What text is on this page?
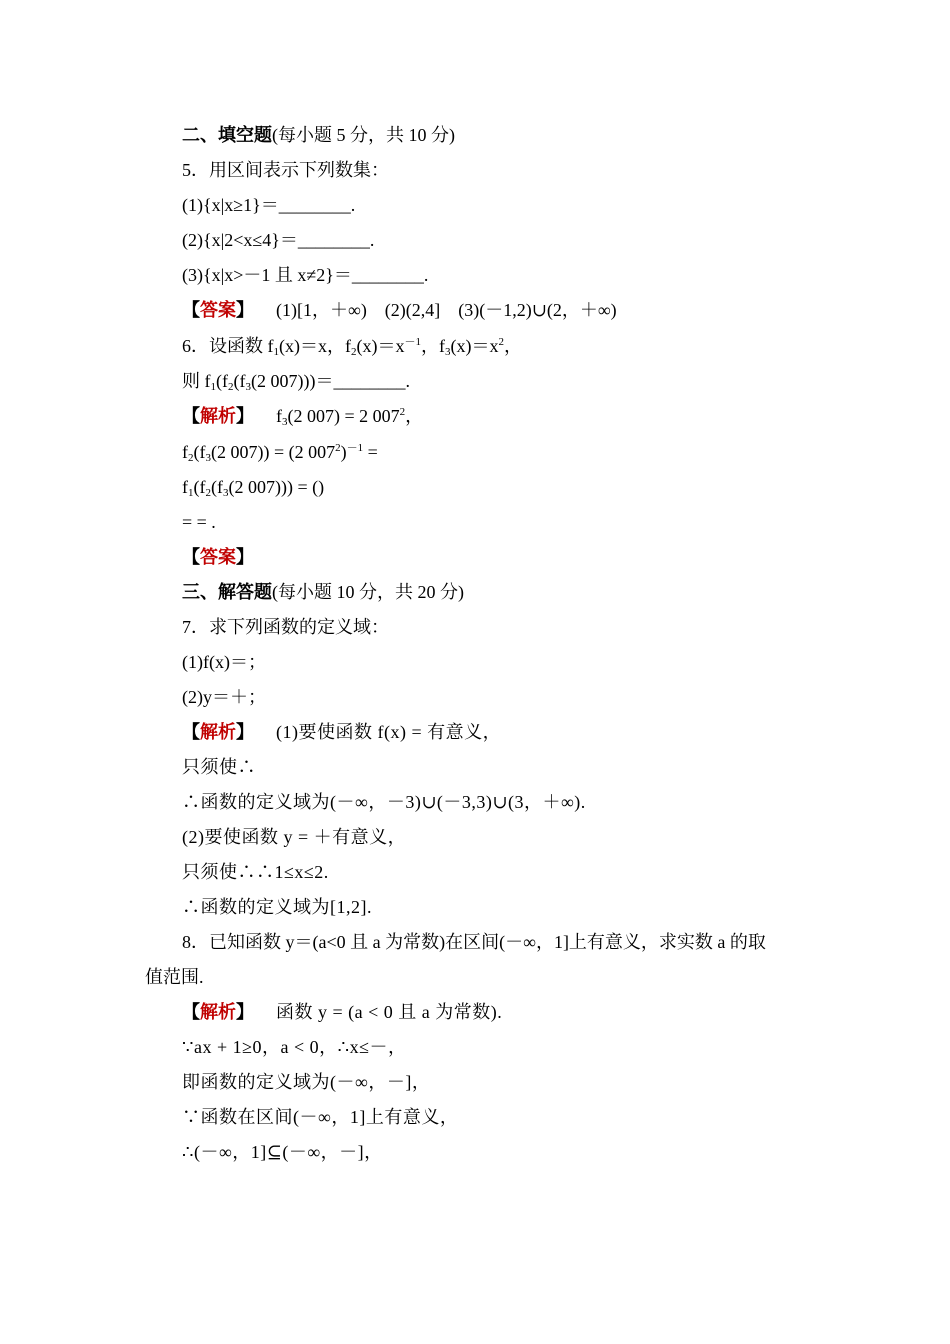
二、填空题(每小题 5 分，共 10 分)
5．用区间表示下列数集：
(1){x|x≥1}＝________.
(2){x|2<x≤4}＝________.
(3){x|x>－1 且 x≠2}＝________.
【答案】 (1)[1，＋∞)　(2)(2,4]　(3)(－1,2)∪(2，＋∞)
6．设函数 $f_1(x)=x$，$f_2(x)=x^{-1}$，$f_3(x)=x^2$，
则 $f_1(f_2(f_3(2$ 007)))＝________.
【解析】 $f_3(2$ 007) = 2 $007^2$，
$f_2(f_3(2$ 007)) = (2 $007^2)^{-1}$ =
$f_1(f_2(f_3(2$ 007))) = ()
= = .
【答案】
三、解答题(每小题 10 分，共 20 分)
7．求下列函数的定义域：
(1)f(x)＝；
(2)y＝＋；
【解析】 (1)要使函数 f(x) = 有意义，
只须使∴
∴函数的定义域为(－∞，－3)∪(－3,3)∪(3，＋∞).
(2)要使函数 y = ＋有意义，
只须使∴∴1≤x≤2.
∴函数的定义域为[1,2].
8．已知函数 y＝(a<0 且 a 为常数)在区间(－∞，1]上有意义，求实数 a 的取
值范围.
【解析】 函数 y = (a < 0 且 a 为常数).
∵ax + 1≥0，a < 0，∴x≤－，
即函数的定义域为(－∞，－]，
∵函数在区间(－∞，1]上有意义，
∴(－∞，1]⊆(－∞，－]，
